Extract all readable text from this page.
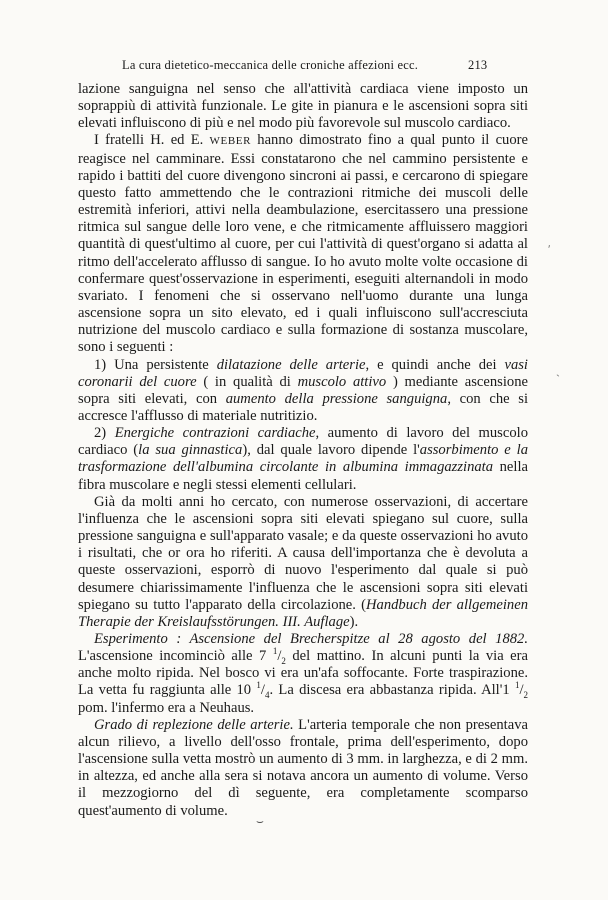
La cura dietetico-meccanica delle croniche affezioni ecc.	213

lazione sanguigna nel senso che all'attività cardiaca viene imposto un soprappiù di attività funzionale. Le gite in pianura e le ascensioni sopra siti elevati influiscono di più e nel modo più favorevole sul muscolo cardiaco.

I fratelli H. ed E. WEBER hanno dimostrato fino a qual punto il cuore reagisce nel camminare. Essi constatarono che nel cammino persistente e rapido i battiti del cuore divengono sincroni ai passi, e cercarono di spiegare questo fatto ammettendo che le contrazioni ritmiche dei muscoli delle estremità inferiori, attivi nella deambulazione, esercitassero una pressione ritmica sul sangue delle loro vene, e che ritmicamente affluissero maggiori quantità di quest'ultimo al cuore, per cui l'attività di quest'organo si adatta al ritmo dell'accelerato afflusso di sangue. Io ho avuto molte volte occasione di confermare quest'osservazione in esperimenti, eseguiti alternandoli in modo svariato. I fenomeni che si osservano nell'uomo durante una lunga ascensione sopra un sito elevato, ed i quali influiscono sull'accresciuta nutrizione del muscolo cardiaco e sulla formazione di sostanza muscolare, sono i seguenti :

1) Una persistente dilatazione delle arterie, e quindi anche dei vasi coronarii del cuore ( in qualità di muscolo attivo ) mediante ascensione sopra siti elevati, con aumento della pressione sanguigna, con che si accresce l'afflusso di materiale nutritizio.

2) Energiche contrazioni cardiache, aumento di lavoro del muscolo cardiaco (la sua ginnastica), dal quale lavoro dipende l'assorbimento e la trasformazione dell'albumina circolante in albumina immagazzinata nella fibra muscolare e negli stessi elementi cellulari.

Già da molti anni ho cercato, con numerose osservazioni, di accertare l'influenza che le ascensioni sopra siti elevati spiegano sul cuore, sulla pressione sanguigna e sull'apparato vasale; e da queste osservazioni ho avuto i risultati, che or ora ho riferiti. A causa dell'importanza che è devoluta a queste osservazioni, esporrò di nuovo l'esperimento dal quale si può desumere chiarissimamente l'influenza che le ascensioni sopra siti elevati spiegano su tutto l'apparato della circolazione. (Handbuch der allgemeinen Therapie der Kreislaufsstörungen. III. Auflage).

Esperimento : Ascensione del Brecherspitze al 28 agosto del 1882. L'ascensione incominciò alle 7 $^1/_2$ del mattino. In alcuni punti la via era anche molto ripida. Nel bosco vi era un'afa soffocante. Forte traspirazione. La vetta fu raggiunta alle 10 $^1/_4$. La discesa era abbastanza ripida. All'1 $^1/_2$ pom. l'infermo era a Neuhaus.

Grado di replezione delle arterie. L'arteria temporale che non presentava alcun rilievo, a livello dell'osso frontale, prima dell'esperimento, dopo l'ascensione sulla vetta mostrò un aumento di 3 mm. in larghezza, e di 2 mm. in altezza, ed anche alla sera si notava ancora un aumento di volume. Verso il mezzogiorno del dì seguente, era completamente scomparso quest'aumento di volume.

⌣
ʹ
ˋ
